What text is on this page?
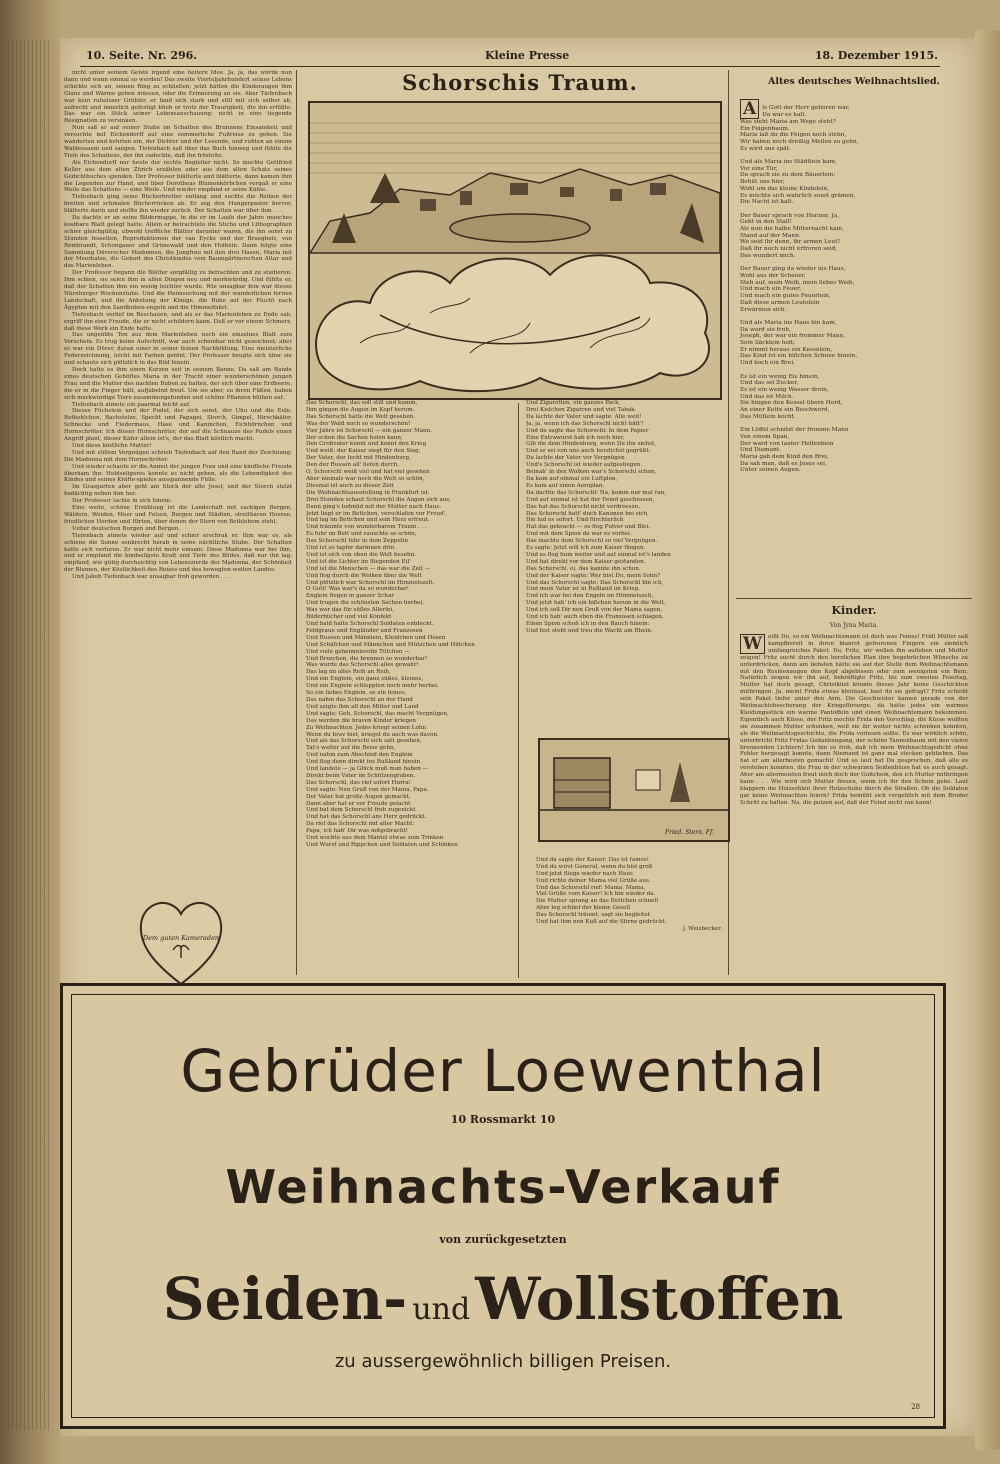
10. Seite. Nr. 296.	Kleine Presse	18. Dezember 1915.

nicht unter seinem Geiste irgend eine heitere Idee. Ja, ja, das würde nun dann und wann einmal so werden! Das zweite Vierteljahrhundert seines Lebens schickte sich an, seinen Ring zu schließen; jetzt hätten die Kinderaugen ihm Glanz und Wärme geben müssen, oder die Erinnerung an sie. Aber Tiefenbach war kein ruheloser Grübler, er fand sich stark und still mit sich selber ab, aufrecht und innerlich gefestigt blieb er trotz der Traurigkeit, die ihn erfüllte. Das war ein Stück seiner Lebensanschauung: nicht in eine tiegende Resignation zu versinken.

Nun saß er auf seiner Stube im Schatten des Brunnens Einsamkeit und versuchte mit Eichendorff auf eine sommerliche Fußreise zu gehen. Sie wanderten und kehrten ein, der Dichter und der Lesende, und ruhten an einem Waldessaum und sangen. Tiefenbach saß über das Buch hinweg und fühlte die Tiefe des Schattens, der ihn zudeckte, daß ihn fröstelte.

Als Eichendorff nur heute der rechte Begleiter nicht. So mochte Gottfried Keller aus dem alten Zürich erzählen oder aus dem alten Schatz seines Gedichtbuches spenden. Der Professor blätterte und blätterte, dann kamen ihm die Legenden zur Hand, und über Dorotheas Blumenkörbchen vergaß er eine Weile das Schattens — eine Weile. Und wieder empfand er seine Kühle.

Tiefenbach ging seine Bücherbretter entlang und suchte die Reihen der breiten und schmalen Bücherrücken ab. Er zog den Hungerpastor hervor, blätterte darin und stellte ihn wieder zurück. Der Schatten war über ihm . . .

Da dachte er an seine Bildermappe, in die er im Laufe der Jahre manches kostbare Blatt gelegt hatte. Allein er betrachtete die Stiche und Lithographien schier gleichgültig, obwohl treffliche Blätter darunter waren, die ihn sonst zu Stunden fesselten, Reproduktionen der van Eycks und der Brueghels, von Rembrandt, Schongauer und Grünewald und den Holbein. Dann folgte eine Sammlung Dürerscher Madonnen, die Jungfrau mit den drei Hasen, Maria mit der Meerkatze, die Geburt des Christkindes vom Baumgärtnerschen Altar und das Marienleben.

Der Professor begann die Blätter sorgfältig zu betrachten und zu studieren. Ihm schien, sie seien ihm in allen Dingen neu und merkwürdig. Und fühlte er, daß der Schatten ihm ein wenig leichter wurde. Wie unsagbar fein war dieses Nürnberger Wochenstube. Und die Heimsuchung mit der wunderlichen fernen Landschaft, und die Anbetung der Könige, die Ruhe auf der Flucht nach Ägypten mit den Sandbuben-engeln und die Himmelfahrt.

Tiefenbach verlief im Beschauen, und als er das Marienleben zu Ende sah, ergriff ihn eine Freude, die er nicht schildern kann. Daß er vor einem Schmerz, daß diese Werk ein Ende hatte.

Das ungeübte Ton aus dem Marienleben noch ein einzelnes Blatt zum Vorschein. Es trug keine Aufschrift, war auch scheinbar nicht gezeichnet; aber es war ein Dürer, daran einer in seiner feinen Nachbildung. Eine meisterliche Federzeichnung, leicht mit Farben getönt. Der Professor beugte sich über sie und schaute sich plötzlich in das Bild hinein.

Doch hatte es ihm einen Kurzen seit in seinem Banne. Da saß am Rande eines deutschen Gehöftes Maria in der Tracht einer wunderschönen jungen Frau und die Mutter des nackten Buben zu halten, der sich über eine Erdbeere, die er in die Finger hält, aufjubelnd freut. Um sie aber, zu ihren Füßen, haben sich merkwürdige Tiere zusammengefunden und schöne Pflanzen blühen auf.

Tiefenbach atmete ein paarmal leicht auf.

Dieses Füchslein und der Pudel, der sich sonst, der Uhu und die Eule, Rotkehlchen, Bachstelze, Specht und Papagei, Storch, Gimpel, Hirschkäfer, Schnecke und Fledermaus, Hase und Kaninchen, Eichhörnchen und Hornschröter. Ich dieser Hornschröter, der auf die Schnauze des Pudels einen Angriff plant, dieser Käfer allein ist's, der das Blatt köstlich macht.

Und diese köstliche Mutter!

Und mit stillem Vergnügen schrieb Tiefenbach auf den Rand der Zeichnung: Die Madonna mit dem Hornschröter.

Und wieder schaute er die Anmut der jungen Frau und eine kindliche Freude überkam ihn: Holdseligeres konnte es nicht geben, als die Lebendigkeit des Kindes und seines Kräfte-spieles ausspannende Fülle.

Im Grasgarten aber geht am Stock der alte Josef, und der Storch stelzt bedächtig neben ihm her.

Der Professor lachte in sich hinein.

Eine weite, schöne Erzählung ist die Landschaft mit zackigen Bergen, Wäldern, Weiden, Meer und Felsen, Burgen und Städten, streitbaren Heeren, friedlichen Herden und Hirten, über denen der Stern von Bethlehem steht.

Ueber deutschen Burgen und Bergen.

Tiefenbach atmete wieder auf und schier erschrak er. Ihm war es, als schiene die Sonne senkrecht herab in seine nächtliche Stube. Der Schatten hatte sich verloren. Er war nicht mehr einsam: Diese Madonna war bei ihm, und er empfand die kindseligste Kraft und Tiefe des Bildes, daß nur ihn lag, empfand, wie gütig durchsichtig von Lebenszierde der Madonna, der Schönheit der Blumen, der Köstlichkeit des Reizes und des bewegten weiten Landes.

Und Jakob Tiefenbach war unsagbar froh geworden . . .

Dem guten Kameraden
Schorschis Traum.
Das Schorschl, das soll still und kumm,
Ihm gingen die Augen im Kopf herum.
Das Schorschl hatte die Welt gesehen.
Was der Wald noch so wunderschön!
Vier Jahre ist Schorschl — ein ganzer Mann.
Der schon die Sachen holen kann,
Den Großvater kennt und kennt den Krieg
Und weiß: der Kaiser siegt für den Sieg,
Der Vater, der fecht mit Hindenburg,
Den der Russen all' liefen durch.
O, Schorschl weiß viel und hat viel gesehen
Aber niemals war noch die Welt so schön,
Diesmal ist auch zu dieser Zeit
Die Weihnachtsausstellung in Frankfurt ist.
Drei Stunden schaut Schorschl die Augen sich aus,
Dann ging's todmüd mit der Mutter nach Haus.
Jetzt liegt er im Bettchen, verschlafen vor Freud',
Und lag im Bettchen und sein Herz erfreut.
Und träumte von wunderbarem Traum . . .
Es fuhr im Bett und rauschte so schön,
Das Schorschl fuhr in dem Zeppelin
Und ist so tapfer darinnen drin.
Und ist sich von oben die Welt besehn.
Und ist die Lichter im fliegenden Eil'
Und ist die Menschen — das war die Zeit —
Und flog durch die Wolken über die Welt
Und plötzlich war Schorschl im Himmelszelt.
O Gott! Was war's da so wunderbar!
Englein flogen in ganzer Schar
Und trugen die schönsten Sachen herbei,
Was war das für süßes Allerlei,
Bilderbücher und viel Konfekt
Und bald hatte Schorschl Soldaten entdeckt.
Feldgraue und Engländer und Franzosen
Und Russen und Männlein, Kleidchen und Hosen
Und Schäfchen und Männchen und Mützchen und Hütchen
Und viele geheimnisvolle Tütchen —
Und Brezchen, die brennen so wunderbar!
Was wurde das Schorschl alles gewahr!
Das lag im alles Reih an Reih,
Und ein Englein, ein ganz süßes, kleines,
Und ein Englein schleppten noch mehr herbei.
So ein liebes Englein, so ein feines,
Das nahm das Schorschl an der Hand
Und zeigte ihm all den Mitter und Land
Und sagte: Geh, Schorschl, das macht Vergnügen,
Das werden die braven Kinder kriegen
Zu Weihnachten. Jedes kriegt seinen Lohn
Wenn du brav bist, kriegst du auch was davon.
Und als das Schorschl sich satt gesehen,
Tat's weiter auf die Reise gehn,
Und nahm zum Abschied den Englein
Und flog denn direkt ins Rußland hinein
Und landete — ja Glück muß man haben —
Direkt beim Vater im Schützengraben.
Das Schorschl, das rief sofort Hurra!
Und sagte: Nen Gruß von der Mama, Papa.
Der Vater hat große Augen gemacht,
Dann aber hat er vor Freude gelacht
Und hat dem Schorschl froh zugenickt
Und hat das Schorschl ans Herz gedrückt.
Da rief das Schorschl mit aller Macht:
Papa, ich hab' Dir was mitgebracht!
Und wochte aus dem Mantel etwas zum Trinken
Und Wurst und Rippchen und Soldaten und Schinken
Und Zigaretten, ein ganzes Pack,
Drei Kistchen Zigarren und viel Tabak.
Da lachte der Vater und sagte: Alle weit!
Ja, ja, wenn ich das Schorschl nicht hätt'!
Und da sagte das Schorschl: In dem Papier
Eine Extrawurst hab ich noch hier,
Gib die dem Hindenburg, wenn Du ihn siehst,
Und er sei von uns auch herzlichst gegrüßt.
Da lachte der Vater vor Vergnügen
Und's Schorschl ist wieder aufgestiegen.
Beinah' in den Wolken war's Schorschl schon,
Da kam auf einmal ein Luftplon,
Es kam auf einen Aeroplan,
Da dachte das Schorschl: Na, komm nur mal ran,
Und auf einmal ist hat der Feind geschossen,
Das hat das Schorschl nicht verdrossen.
Das Schorschl hatt' doch Kanonen bei sich,
Die lud es sofort. Und fürchterlich
Hat das gekracht — es flog Pulver und Blei.
Und mit dem Spion da war es vorbei.
Das machte dem Schorschl so viel Vergnügen.
Es sagte: Jetzt will ich zum Kaiser fliegen.
Und es flog bum weiter und auf einmal ist's landen
Und hat direkt vor dem Kaiser gestanden.
Das Schorschl, ei, das kannte ihn schon.
Und der Kaiser sagte: Wer bist Du, mein Sohn?
Und das Schorschl sagte: Das Schorschl bin ich,
Und mein Vater ist in Rußland im Krieg.
Und ich war bei den Engeln im Himmelszelt,
Und jetzt hab' ich ein bißchen herum in die Welt.
Und ich soll Dir nen Gruß von der Mama sagen,
Und ich hab' auch eben die Franzosen schlagen,
Einen Spion schoß ich in den Bauch hinein:
Und fest steht und treu die Wacht am Rhein.
Fried. Stern. Ff.

Und da sagte der Kaiser: Das ist famos!
Und du wirst General, wenn du bist groß
Und jetzt fliege wieder nach Haus
Und richte deiner Mama viel Grüße aus.
Und das Schorschl rief: Mama, Mama,
Viel Grüße vom Kaiser! Ich bin wieder da.
Die Mutter sprang an das Bettchen schnell
Aber leg schlief der kleine Gesell
Das Schorschl träumt, sagt sie begleitet
Und hat ihm nen Kuß auf die Stirne gedrückt.
J. Weisbecker.
Altes deutsches Weihnachtslied.

A	ls Gott der Herr geboren war,
Da war es kalt.
Was sieht Maria am Wege steht?
Ein Feigenbaum.
Maria laß du die Feigen noch stehn,
Wir haben noch dreißig Meilen zu gehn,
Es wird uns spät.

Und als Maria ins Städtlein kam,
Vor eine Tür,
Da sprach sie zu dem Bäuerlein:
Behüt uns hier,
Wohl um das kleine Kindelein,
Es möchte sich wahrlich sonst grämen,
Die Nacht ist kalt.

Der Bauer sprach von Herzen: Ja,
Geht in den Stall!
Als nun die halbe Mitternacht kam,
Stand auf der Mann:
Wo seid ihr denn, ihr armen Leut?
Daß ihr noch nicht erfroren seid,
Das wundert mich.

Der Bauer ging da wieder ins Haus,
Wohl aus der Scheuer,
Steh auf, mein Weib, mein liebes Weib,
Und mach ein Feuer,
Und mach ein gutes Feuerlein,
Daß diese armen Leutelein
Erwärmen sich.

Und als Maria ins Haus hin kam,
Da ward sie froh,
Joseph, der war ein frommer Mann,
Sein Säcklein holt;
Er nimmt heraus ein Kesselein,
Das Kind ist ein bißchen Schnee hinein,
Und koch ein Brei.

Es ist ein wenig Eis hinein,
Und das sei Zucker,
Es ist ein wenig Wasser drein,
Und das ist Milch.
Sie hingen den Kessel übern Herd,
An einer Kette ein Beschwerd,
Das Mütlein kocht.

Ein Löffel schnitzt der fromme Mann
Von einem Span,
Der ward von lauter Helfenbein
Und Diamant.
Maria gab dem Kind den Brei,
Da sah man, daß es Jesus sei,
Unter seinen Augen.

Kinder.
Von Jyna Maria.
W	eißt Du, so ein Weihnachtsmann ist doch was Feines! Fridl Müller saß kampfbereit in ihren blaurot gefrorenen Fingern ein ziemlich umfangreiches Paket. Du, Fritz, wir wollen ihn aufleben und Mutter zeigen! Fritz sucht durch den herzlichen Plan ihre begehrlichen Wünsche zu unterdrücken, denn am liebsten hätte sie auf der Stelle dem Weihnachtsmann mit den Rosinenaugen den Kopf abgebissen oder zum wenigsten ein Bein. Natürlich zeigen wir ihn auf, bekräftigte Fritz, bis zum zweiten Feiertag, Mutter hat doch gesagt, Christkind könnte dieses Jahr keine Geschichten mitbringen. Ja, meint Frida etwas kleinlaut, hast du sie gefragt? Fritz schiebt sein Paket tiefer unter den Arm. Die Geschwister kamen gerade von der Weihnachtsbescherung der Kriegsfürsorge, da hatte jedes ein warmes Kleidungsstück ein warme Pantoffeln und einen Weihnachtsmann bekommen. Eigentlich auch Küsse, der Fritz mochte Frida den Vorschlag, die Küsse wollten sie zusammen Mutter schenken, weil sie ihr weiter nichts schenken konnten, als die Weihnachtsgeschichte, die Frida vorlesen sollte. Es war wirklich schön, unterbricht Fritz Fridas Gedankengang, der schöne Tannenbaum mit den vielen brennenden Lichtern! Ich bin so froh, daß ich mein Weihnachtsgedicht ohne Fehler hergesagt konnte, dann Niemand ist ganz mal stecken geblieben. Das hat er am allerbesten gemacht! Und so laut hat Du gesprochen, daß alle es verstehen konnten, die Frau in der schwarzen Seidenbluse hat es auch gesagt. Aber am allermeisten freut mich doch der Guitchein, den ich Mutter mitbringen kann . . . Wie wird sich Mutter freuen, wenn ich ihr den Schein gebe. Laut klappern die Holzsohlen ihrer Holzschuhe durch die Straßen. Ob die Soldaten gar keine Weihnachten feiern? Frida bemüht sich vergeblich mit dem Bruder Schritt zu halten. Na, die putzen auf, daß der Feind nicht ran kann!
Gebrüder Loewenthal
10 Rossmarkt 10
Weihnachts-Verkauf
von zurückgesetzten
Seiden- und Wollstoffen
zu aussergewöhnlich billigen Preisen.
28
